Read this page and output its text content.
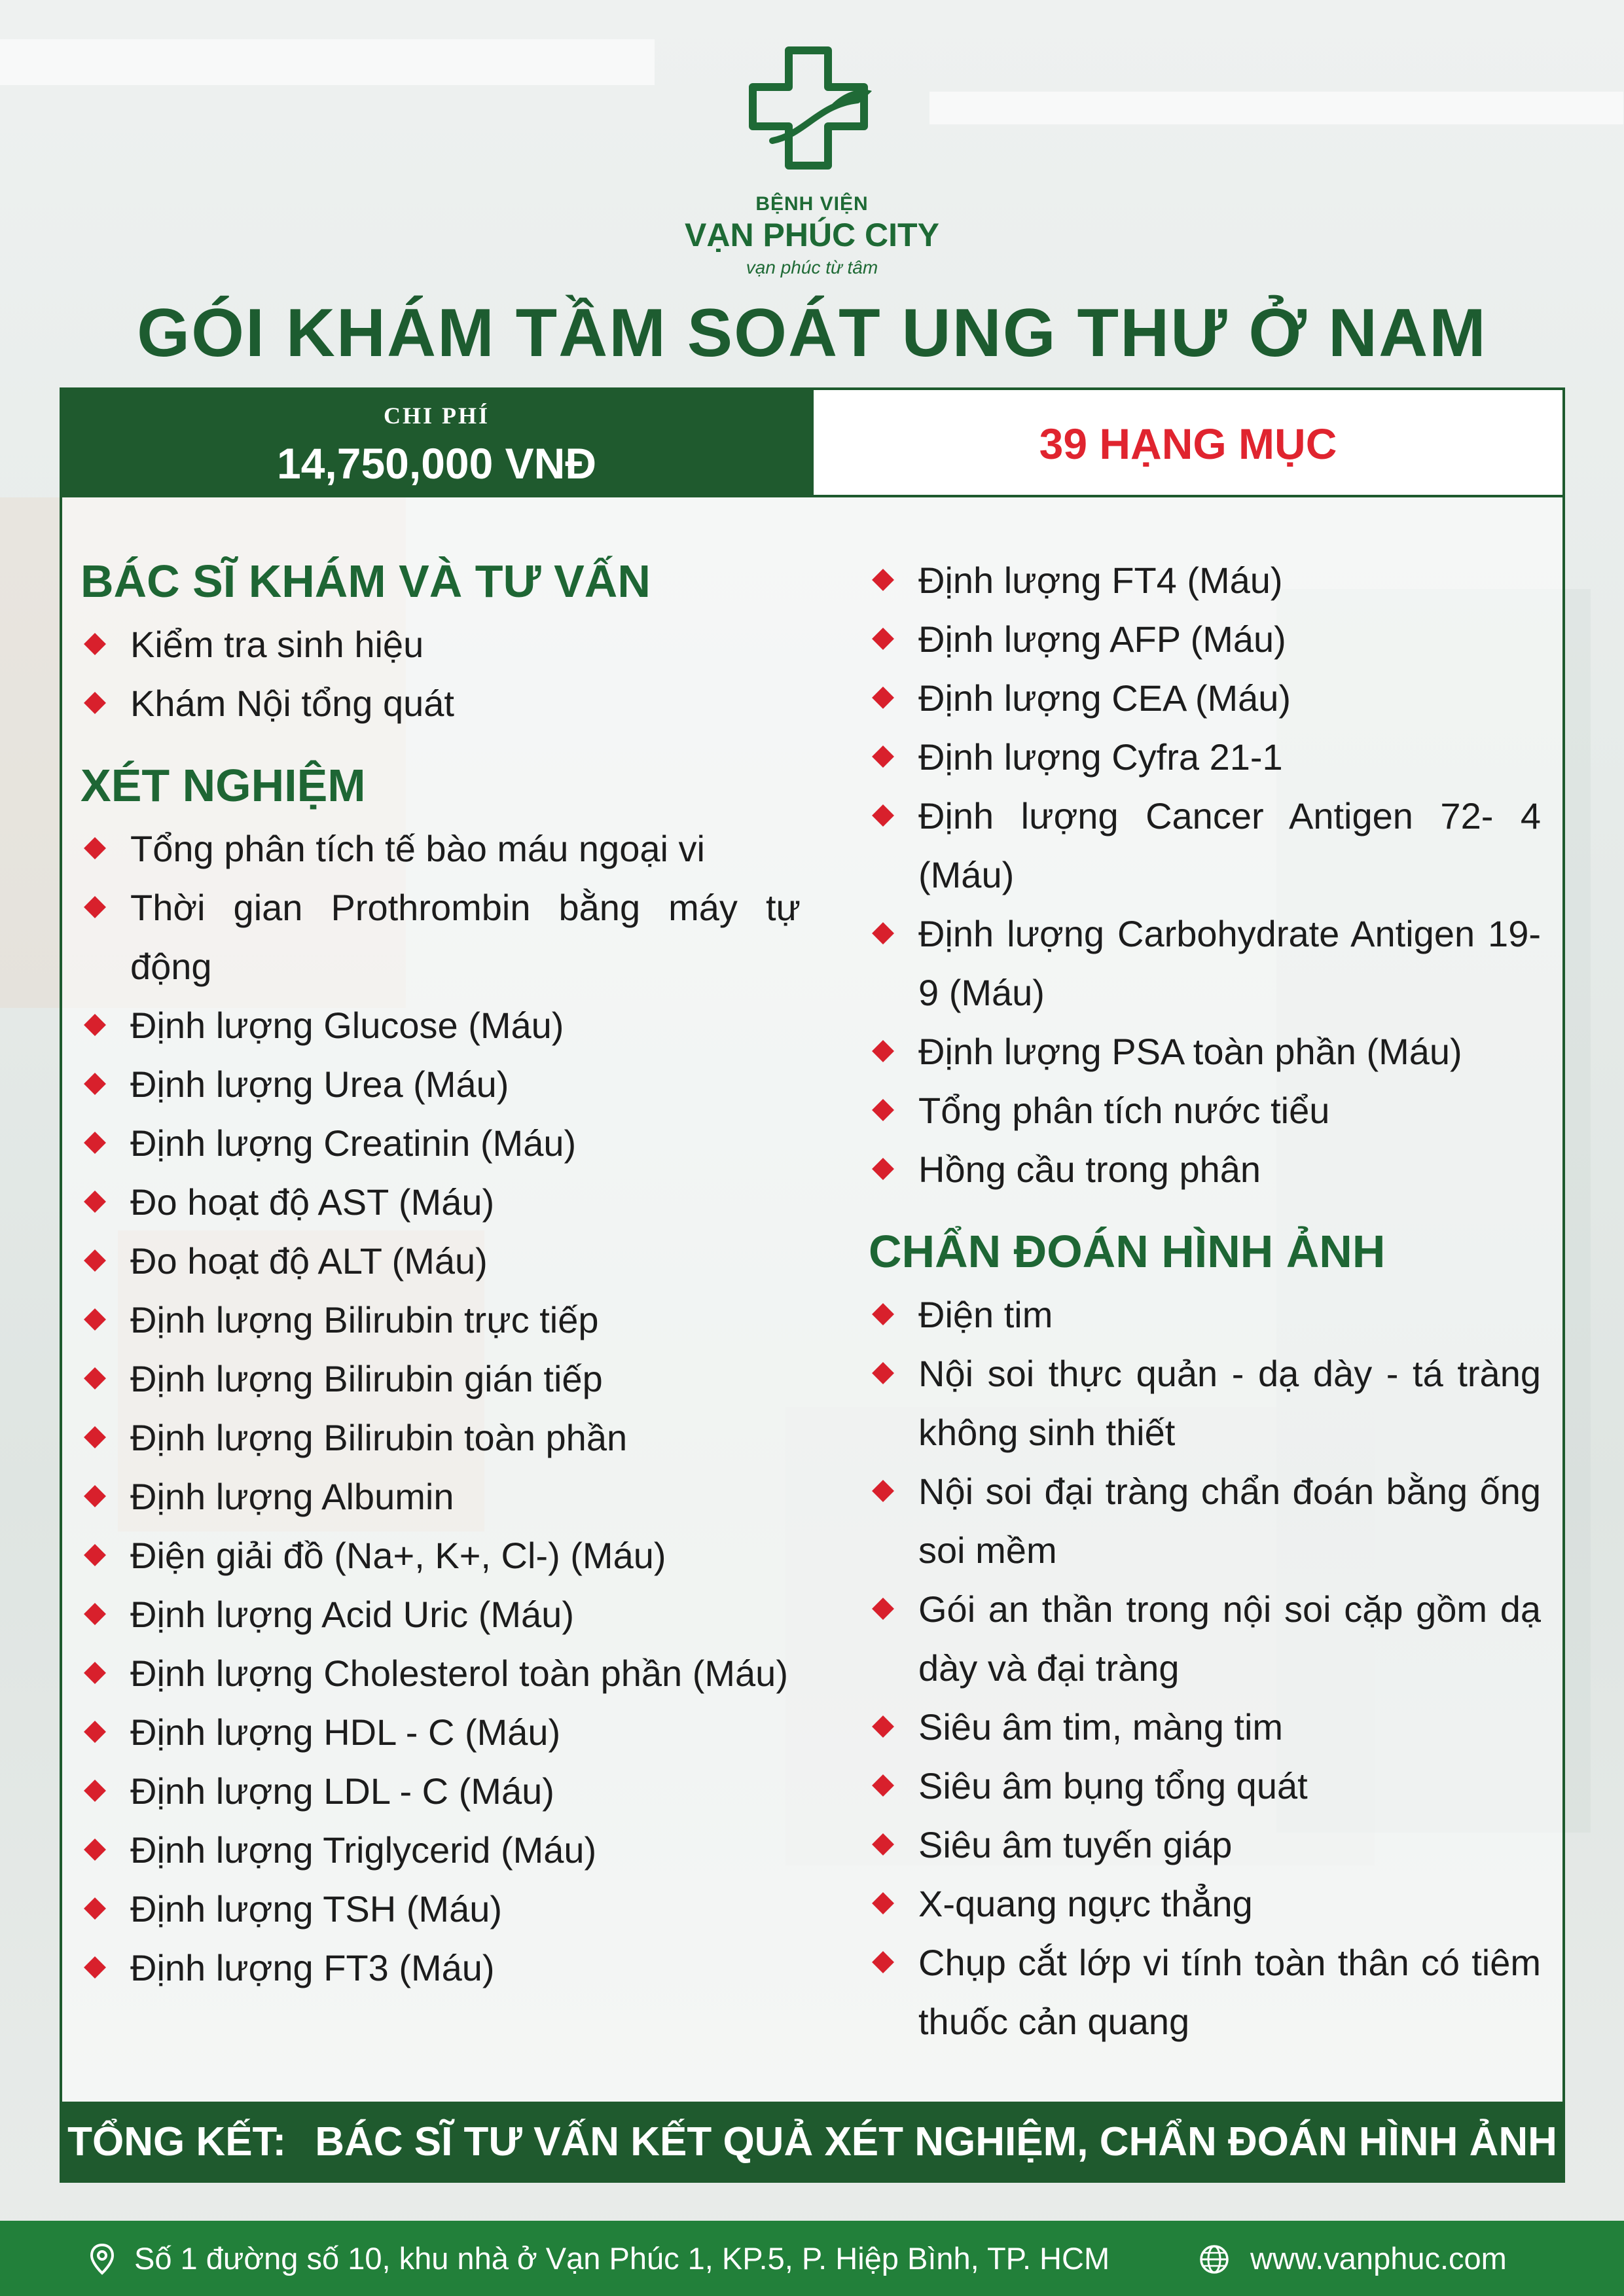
BỆNH VIỆN
VẠN PHÚC CITY
vạn phúc từ tâm
GÓI KHÁM TẦM SOÁT UNG THƯ Ở NAM
CHI PHÍ
14,750,000 VNĐ	39 HẠNG MỤC
BÁC SĨ KHÁM VÀ TƯ VẤN
Kiểm tra sinh hiệu
Khám Nội tổng quát
XÉT NGHIỆM
Tổng phân tích tế bào máu ngoại vi
Thời gian Prothrombin bằng máy tự động
Định lượng Glucose (Máu)
Định lượng Urea (Máu)
Định lượng Creatinin (Máu)
Đo hoạt độ AST (Máu)
Đo hoạt độ ALT (Máu)
Định lượng Bilirubin trực tiếp
Định lượng Bilirubin gián tiếp
Định lượng Bilirubin toàn phần
Định lượng Albumin
Điện giải đồ (Na+, K+, Cl-) (Máu)
Định lượng Acid Uric (Máu)
Định lượng Cholesterol toàn phần (Máu)
Định lượng HDL - C (Máu)
Định lượng LDL - C (Máu)
Định lượng Triglycerid (Máu)
Định lượng TSH (Máu)
Định lượng FT3 (Máu)
Định lượng FT4 (Máu)
Định lượng AFP (Máu)
Định lượng CEA (Máu)
Định lượng Cyfra 21-1
Định lượng Cancer Antigen 72- 4 (Máu)
Định lượng Carbohydrate Antigen 19-9 (Máu)
Định lượng PSA toàn phần (Máu)
Tổng phân tích nước tiểu
Hồng cầu trong phân
CHẨN ĐOÁN HÌNH ẢNH
Điện tim
Nội soi thực quản - dạ dày - tá tràng không sinh thiết
Nội soi đại tràng chẩn đoán bằng ống soi mềm
Gói an thần trong nội soi cặp gồm dạ dày và đại tràng
Siêu âm tim, màng tim
Siêu âm bụng tổng quát
Siêu âm tuyến giáp
X-quang ngực thẳng
Chụp cắt lớp vi tính toàn thân có tiêm thuốc cản quang
TỔNG KẾT: BÁC SĨ TƯ VẤN KẾT QUẢ XÉT NGHIỆM, CHẨN ĐOÁN HÌNH ẢNH
Số 1 đường số 10, khu nhà ở Vạn Phúc 1, KP.5, P. Hiệp Bình, TP. HCM	www.vanphuc.com
